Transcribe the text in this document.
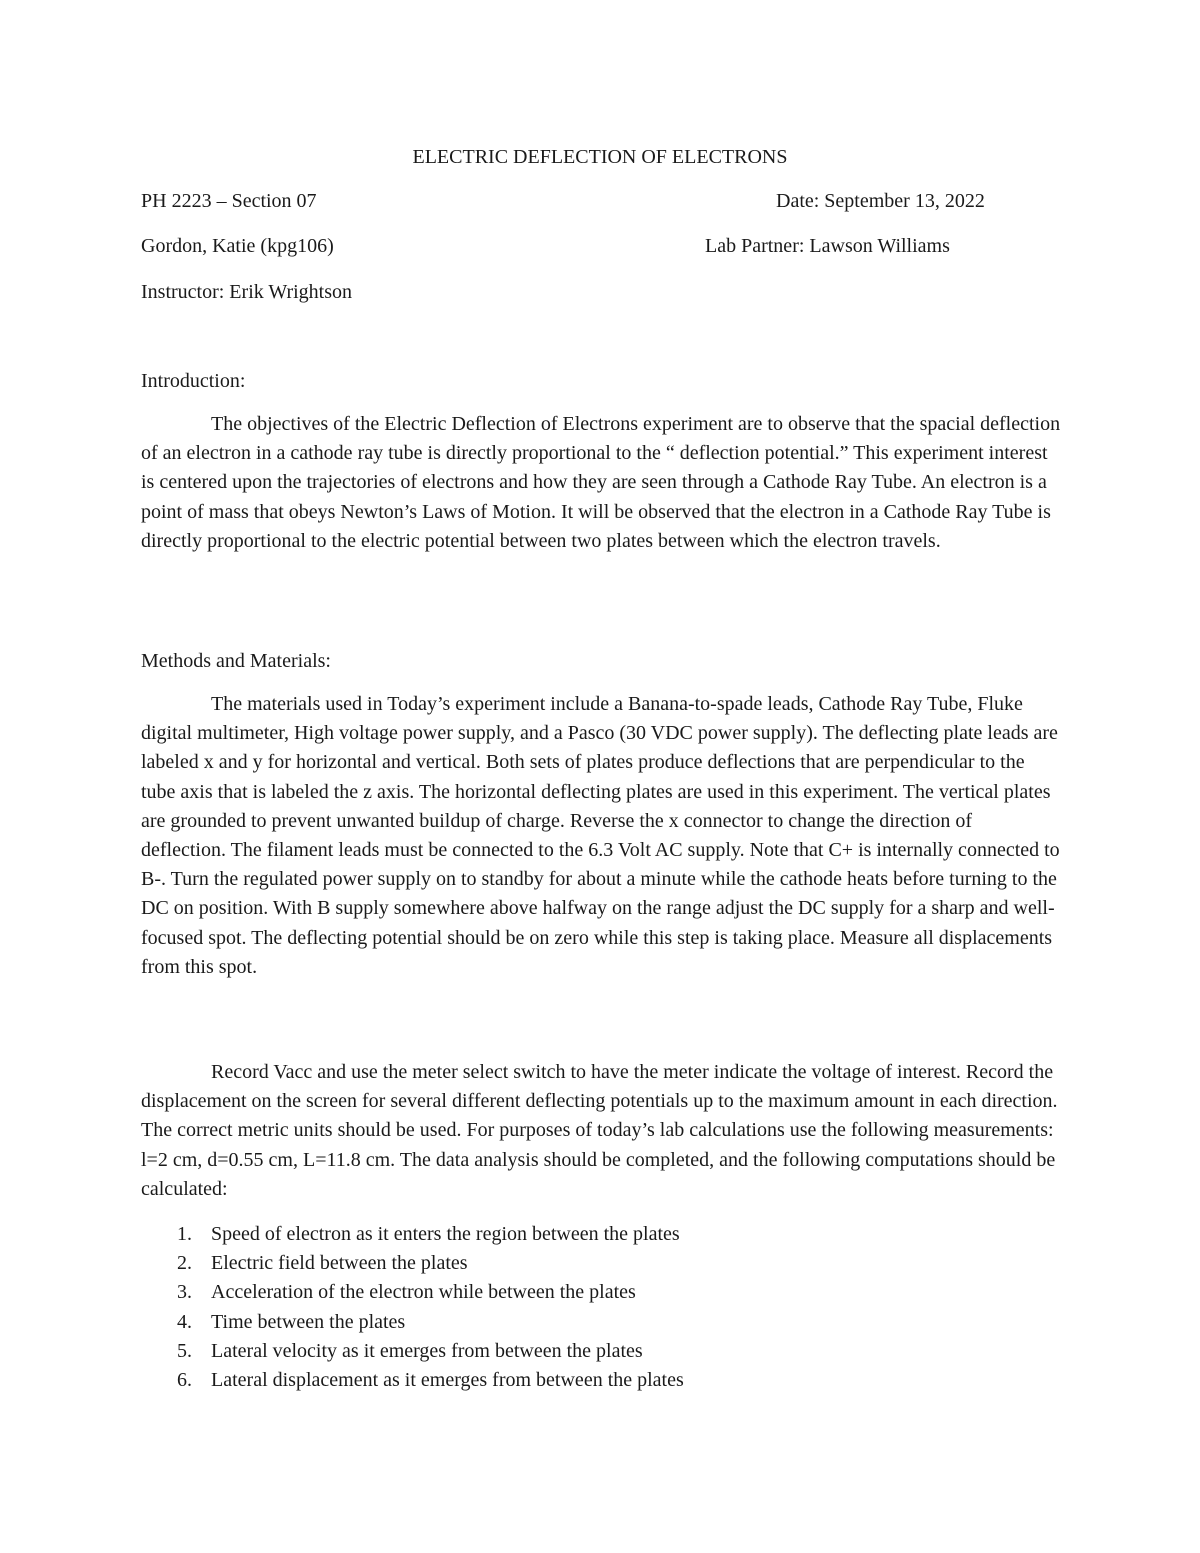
ELECTRIC DEFLECTION OF ELECTRONS
PH 2223 – Section 07	Date: September 13, 2022
Gordon, Katie (kpg106)	Lab Partner: Lawson Williams
Instructor: Erik Wrightson
Introduction:

The objectives of the Electric Deflection of Electrons experiment are to observe that the spacial deflection of an electron in a cathode ray tube is directly proportional to the “ deflection potential.” This experiment interest is centered upon the trajectories of electrons and how they are seen through a Cathode Ray Tube. An electron is a point of mass that obeys Newton’s Laws of Motion. It will be observed that the electron in a Cathode Ray Tube is directly proportional to the electric potential between two plates between which the electron travels.

Methods and Materials:

The materials used in Today’s experiment include a Banana-to-spade leads, Cathode Ray Tube, Fluke digital multimeter, High voltage power supply, and a Pasco (30 VDC power supply). The deflecting plate leads are labeled x and y for horizontal and vertical. Both sets of plates produce deflections that are perpendicular to the tube axis that is labeled the z axis. The horizontal deflecting plates are used in this experiment. The vertical plates are grounded to prevent unwanted buildup of charge. Reverse the x connector to change the direction of deflection. The filament leads must be connected to the 6.3 Volt AC supply. Note that C+ is internally connected to B-. Turn the regulated power supply on to standby for about a minute while the cathode heats before turning to the DC on position. With B supply somewhere above halfway on the range adjust the DC supply for a sharp and well-focused spot. The deflecting potential should be on zero while this step is taking place. Measure all displacements from this spot.

Record Vacc and use the meter select switch to have the meter indicate the voltage of interest. Record the displacement on the screen for several different deflecting potentials up to the maximum amount in each direction. The correct metric units should be used. For purposes of today’s lab calculations use the following measurements: l=2 cm, d=0.55 cm, L=11.8 cm. The data analysis should be completed, and the following computations should be calculated:

1. Speed of electron as it enters the region between the plates
2. Electric field between the plates
3. Acceleration of the electron while between the plates
4. Time between the plates
5. Lateral velocity as it emerges from between the plates
6. Lateral displacement as it emerges from between the plates
